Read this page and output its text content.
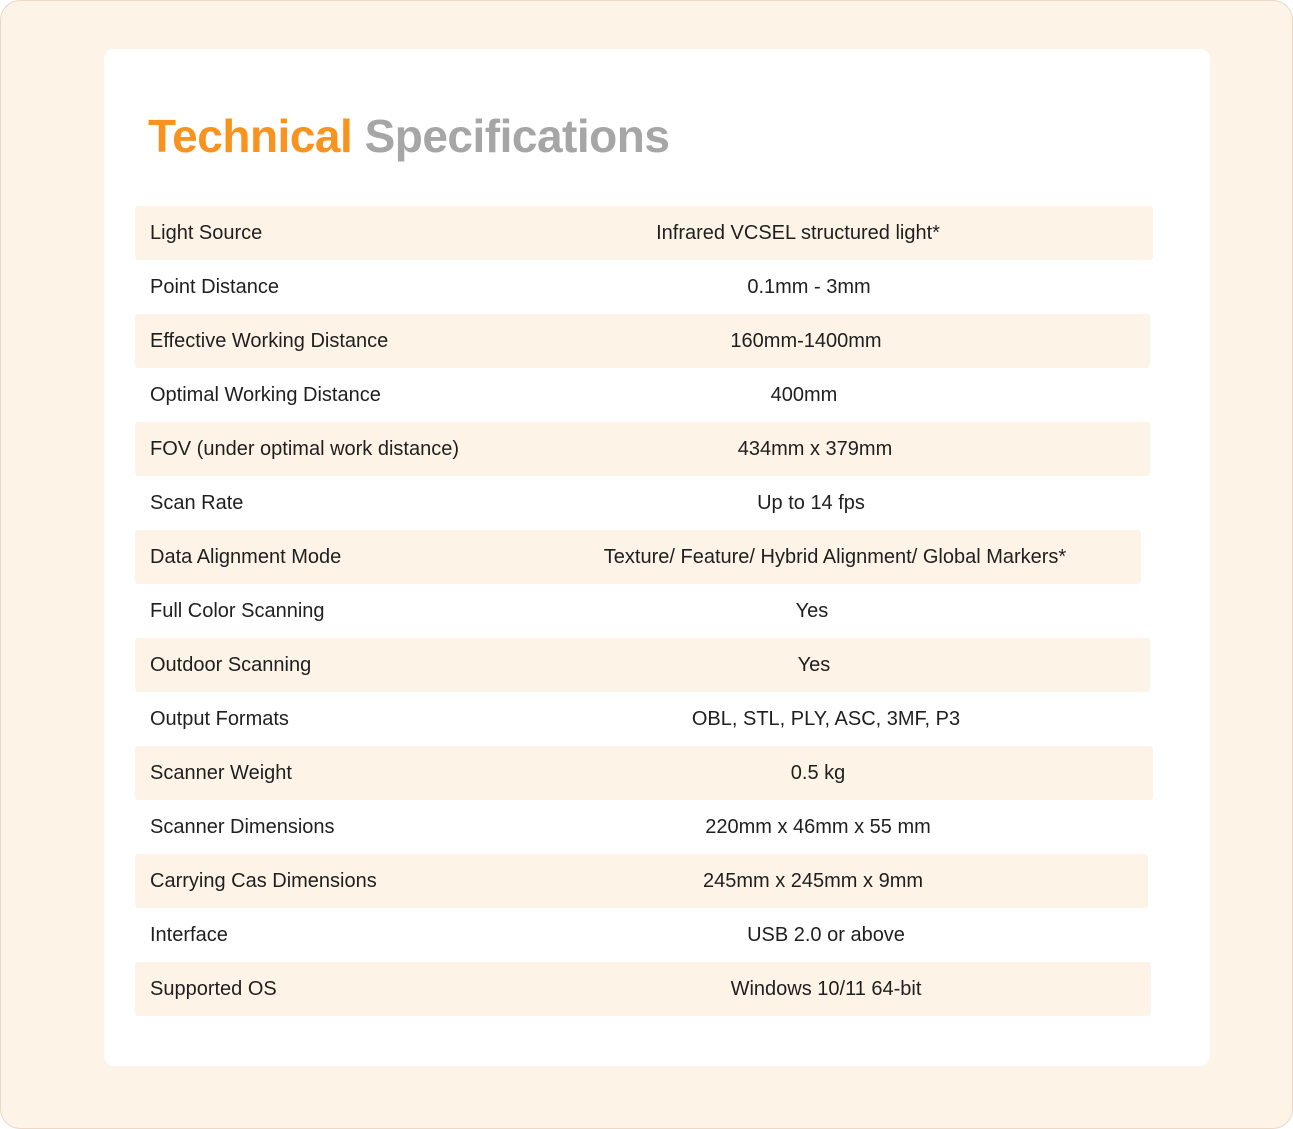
Technical Specifications
Light Source	Infrared VCSEL structured light*
Point Distance	0.1mm - 3mm
Effective Working Distance	160mm-1400mm
Optimal Working Distance	400mm
FOV (under optimal work distance)	434mm x 379mm
Scan Rate	Up to 14 fps
Data Alignment Mode	Texture/ Feature/ Hybrid Alignment/ Global Markers*
Full Color Scanning	Yes
Outdoor Scanning	Yes
Output Formats	OBL, STL, PLY, ASC, 3MF, P3
Scanner Weight	0.5 kg
Scanner Dimensions	220mm x 46mm x 55 mm
Carrying Cas Dimensions	245mm x 245mm x 9mm
Interface	USB 2.0 or above
Supported OS	Windows 10/11 64-bit
